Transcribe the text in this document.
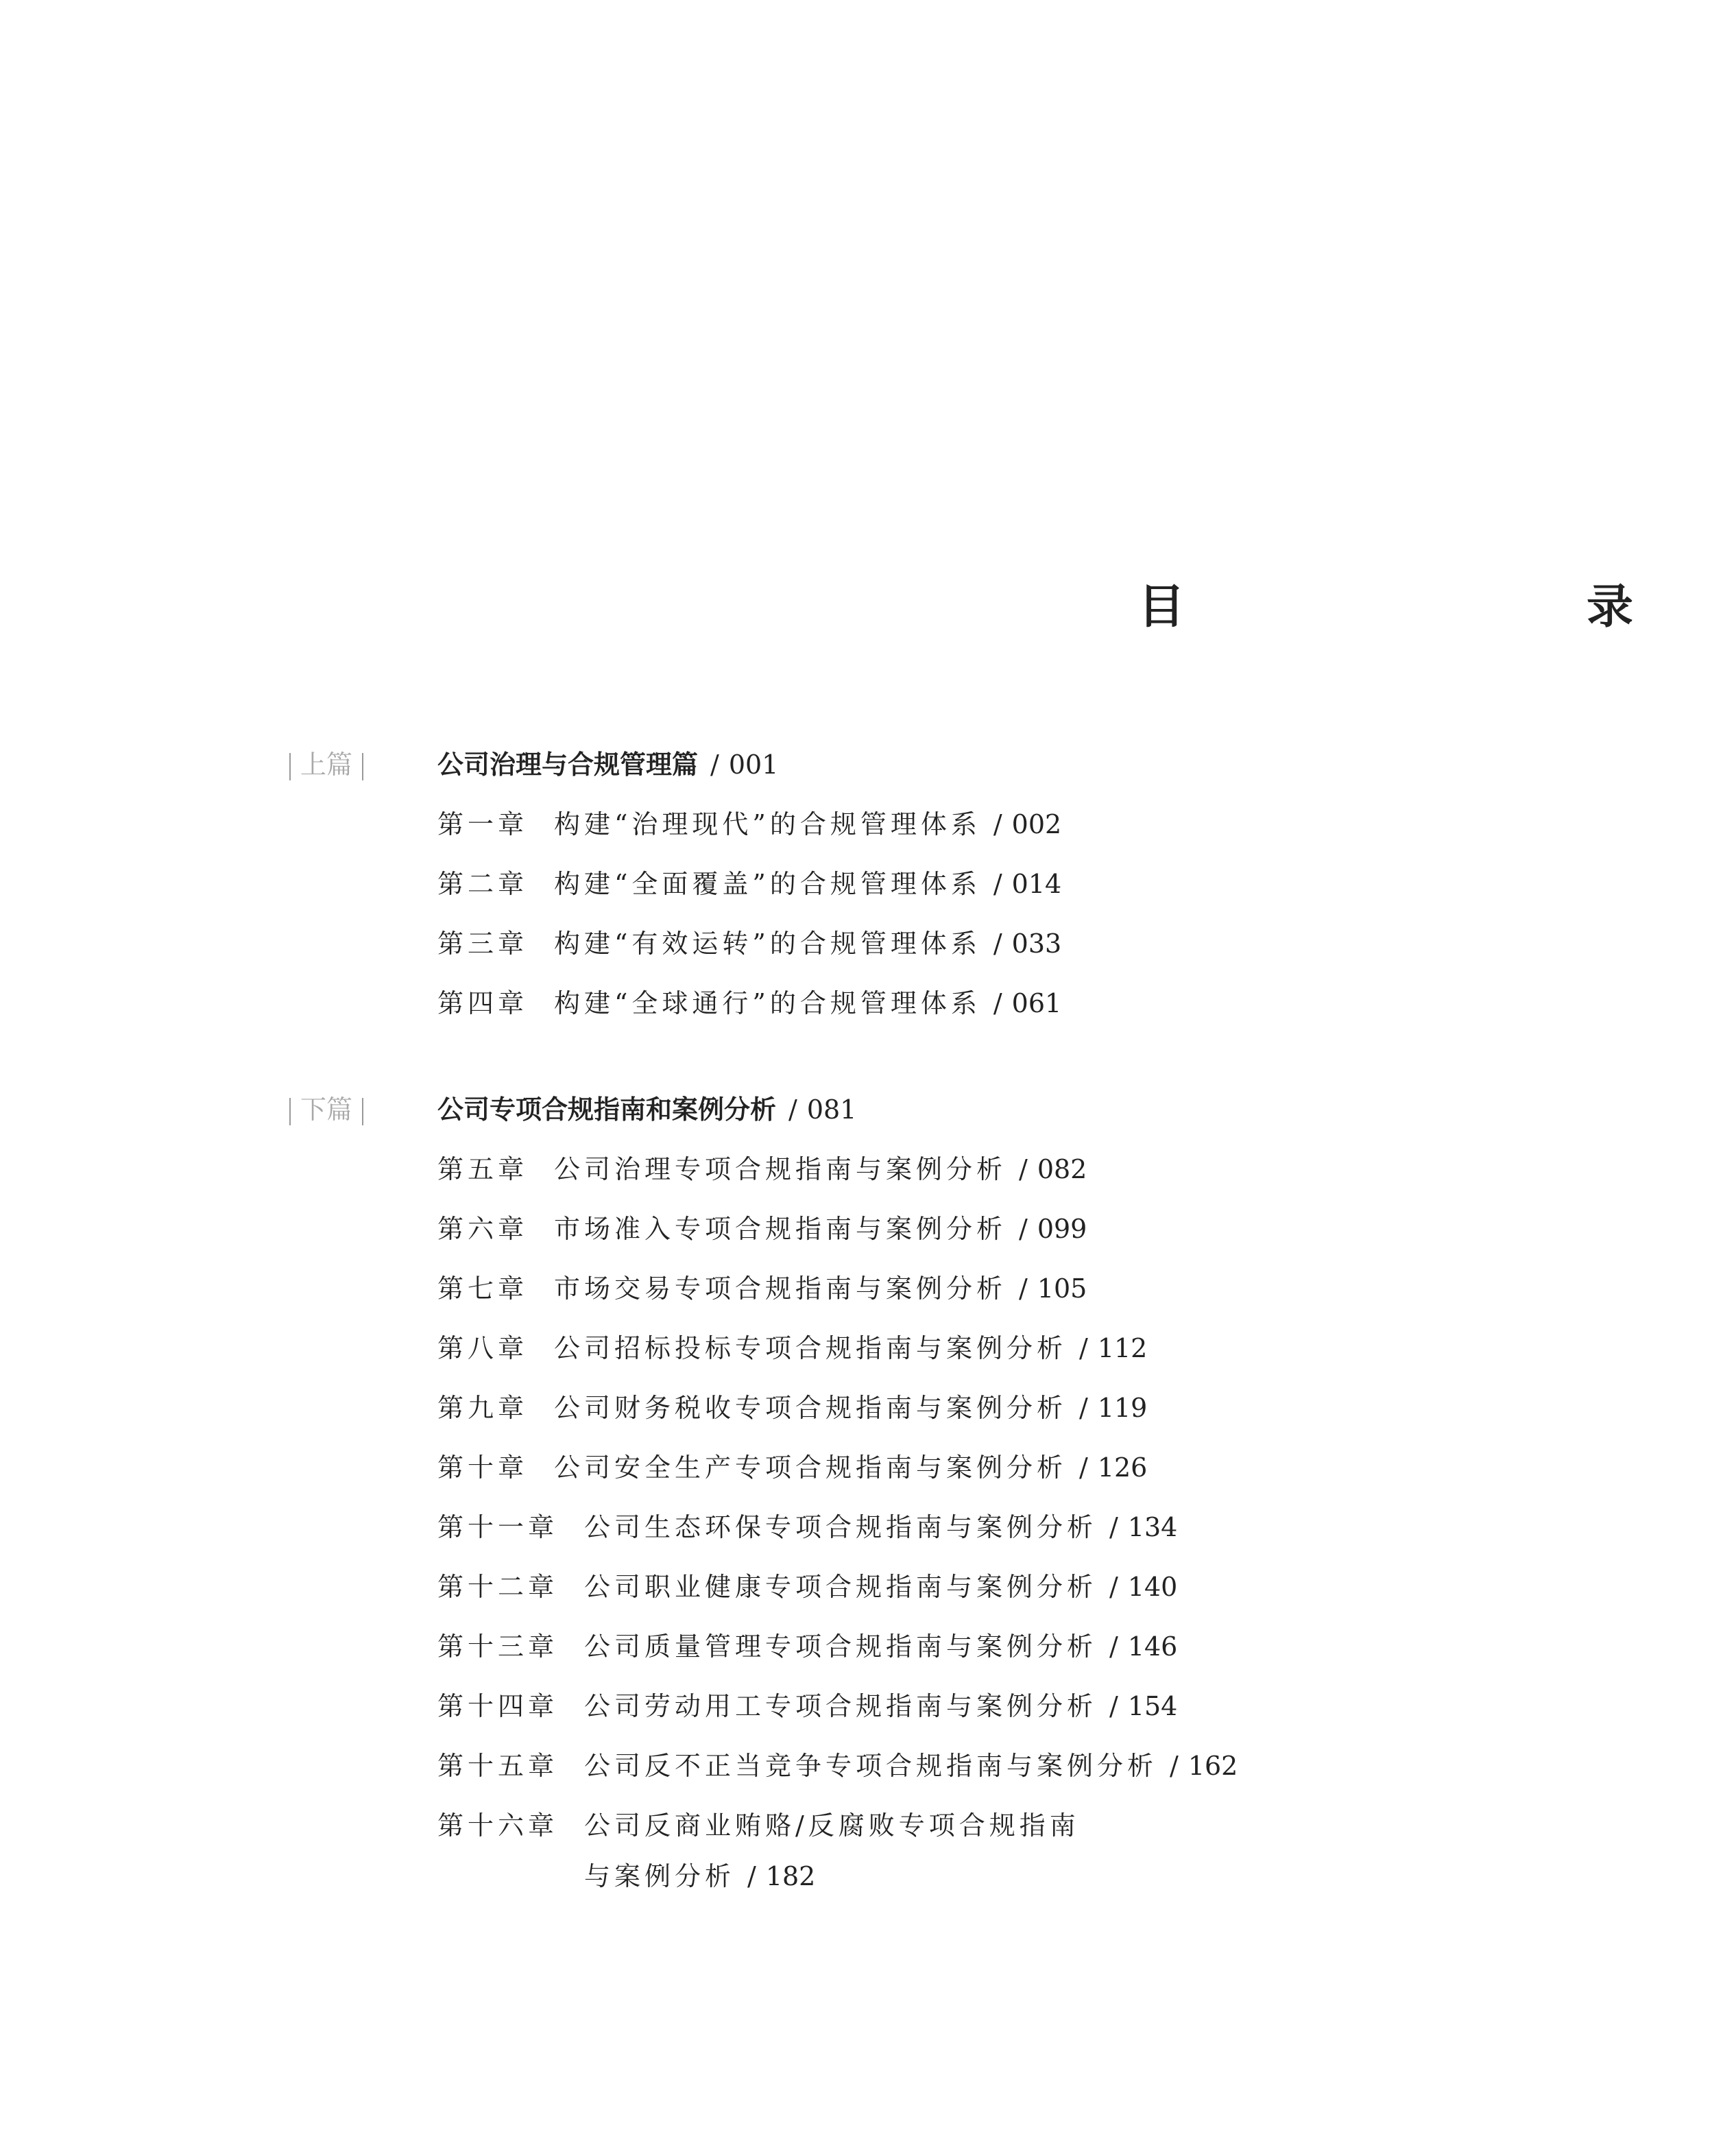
目　　录
上篇	公司治理与合规管理篇 / 001
第一章 构建“治理现代”的合规管理体系 / 002
第二章 构建“全面覆盖”的合规管理体系 / 014
第三章 构建“有效运转”的合规管理体系 / 033
第四章 构建“全球通行”的合规管理体系 / 061
下篇	公司专项合规指南和案例分析 / 081
第五章 公司治理专项合规指南与案例分析 / 082
第六章 市场准入专项合规指南与案例分析 / 099
第七章 市场交易专项合规指南与案例分析 / 105
第八章 公司招标投标专项合规指南与案例分析 / 112
第九章 公司财务税收专项合规指南与案例分析 / 119
第十章 公司安全生产专项合规指南与案例分析 / 126
第十一章 公司生态环保专项合规指南与案例分析 / 134
第十二章 公司职业健康专项合规指南与案例分析 / 140
第十三章 公司质量管理专项合规指南与案例分析 / 146
第十四章 公司劳动用工专项合规指南与案例分析 / 154
第十五章 公司反不正当竞争专项合规指南与案例分析 / 162
第十六章 公司反商业贿赂/反腐败专项合规指南
与案例分析 / 182
